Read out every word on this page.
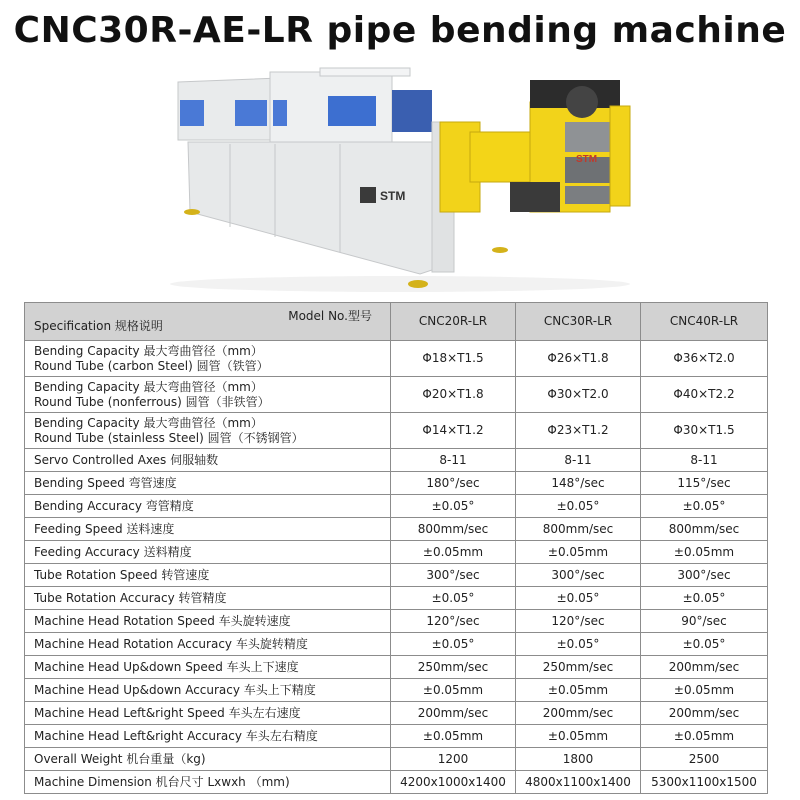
CNC30R-AE-LR pipe bending machine
STM
STM
Model No.型号
Specification 规格说明	CNC20R-LR	CNC30R-LR	CNC40R-LR

Bending Capacity 最大弯曲管径（mm）
Round Tube (carbon Steel) 圆管（铁管）	Φ18×T1.5	Φ26×T1.8	Φ36×T2.0

Bending Capacity 最大弯曲管径（mm）
Round Tube (nonferrous) 圆管（非铁管）	Φ20×T1.8	Φ30×T2.0	Φ40×T2.2

Bending Capacity 最大弯曲管径（mm）
Round Tube (stainless Steel) 圆管（不锈钢管）	Φ14×T1.2	Φ23×T1.2	Φ30×T1.5

Servo Controlled Axes 伺服轴数	8-11	8-11	8-11

Bending Speed 弯管速度	180°/sec	148°/sec	115°/sec

Bending Accuracy 弯管精度	±0.05°	±0.05°	±0.05°

Feeding Speed 送料速度	800mm/sec	800mm/sec	800mm/sec

Feeding Accuracy 送料精度	±0.05mm	±0.05mm	±0.05mm

Tube Rotation Speed 转管速度	300°/sec	300°/sec	300°/sec

Tube Rotation Accuracy 转管精度	±0.05°	±0.05°	±0.05°

Machine Head Rotation Speed 车头旋转速度	120°/sec	120°/sec	90°/sec

Machine Head Rotation Accuracy 车头旋转精度	±0.05°	±0.05°	±0.05°

Machine Head Up&down Speed 车头上下速度	250mm/sec	250mm/sec	200mm/sec

Machine Head Up&down Accuracy 车头上下精度	±0.05mm	±0.05mm	±0.05mm

Machine Head Left&right Speed 车头左右速度	200mm/sec	200mm/sec	200mm/sec

Machine Head Left&right Accuracy 车头左右精度	±0.05mm	±0.05mm	±0.05mm

Overall Weight 机台重量（kg)	1200	1800	2500

Machine Dimension 机台尺寸 Lxwxh （mm)	4200x1000x1400	4800x1100x1400	5300x1100x1500
